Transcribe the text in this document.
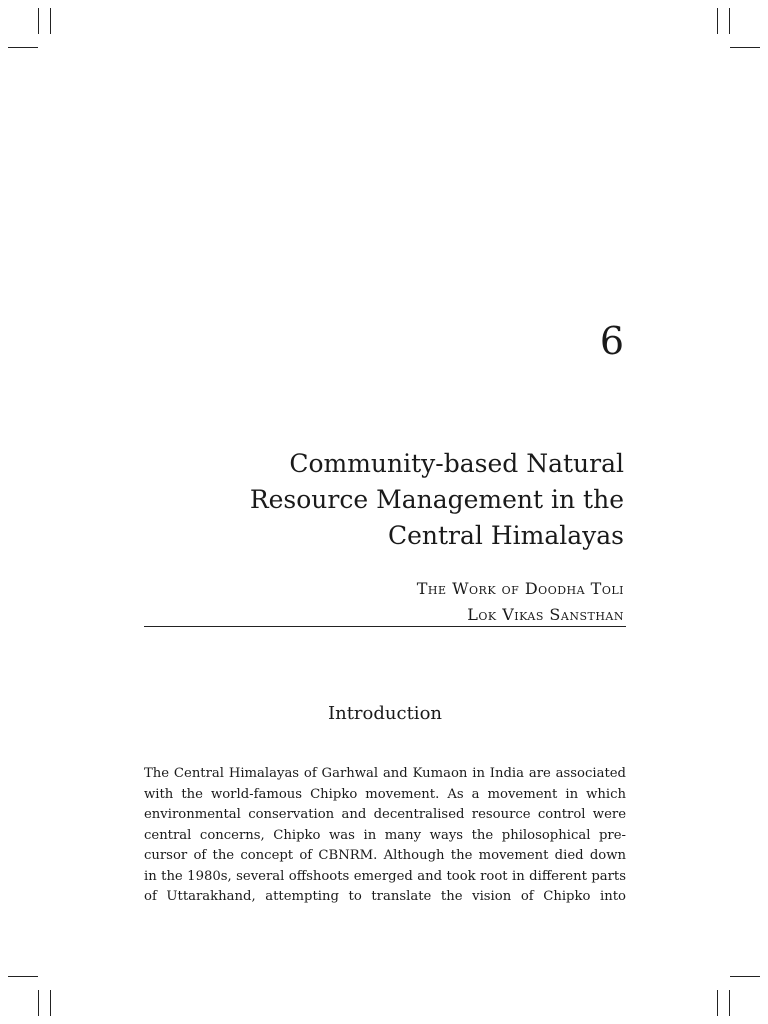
6
Community-based Natural
Resource Management in the
Central Himalayas
The Work of Doodha Toli
Lok Vikas Sansthan
Introduction
The Central Himalayas of Garhwal and Kumaon in India are associated
with the world-famous Chipko movement. As a movement in which
environmental conservation and decentralised resource control were
central concerns, Chipko was in many ways the philosophical pre-
cursor of the concept of CBNRM. Although the movement died down
in the 1980s, several offshoots emerged and took root in different parts
of Uttarakhand, attempting to translate the vision of Chipko into
